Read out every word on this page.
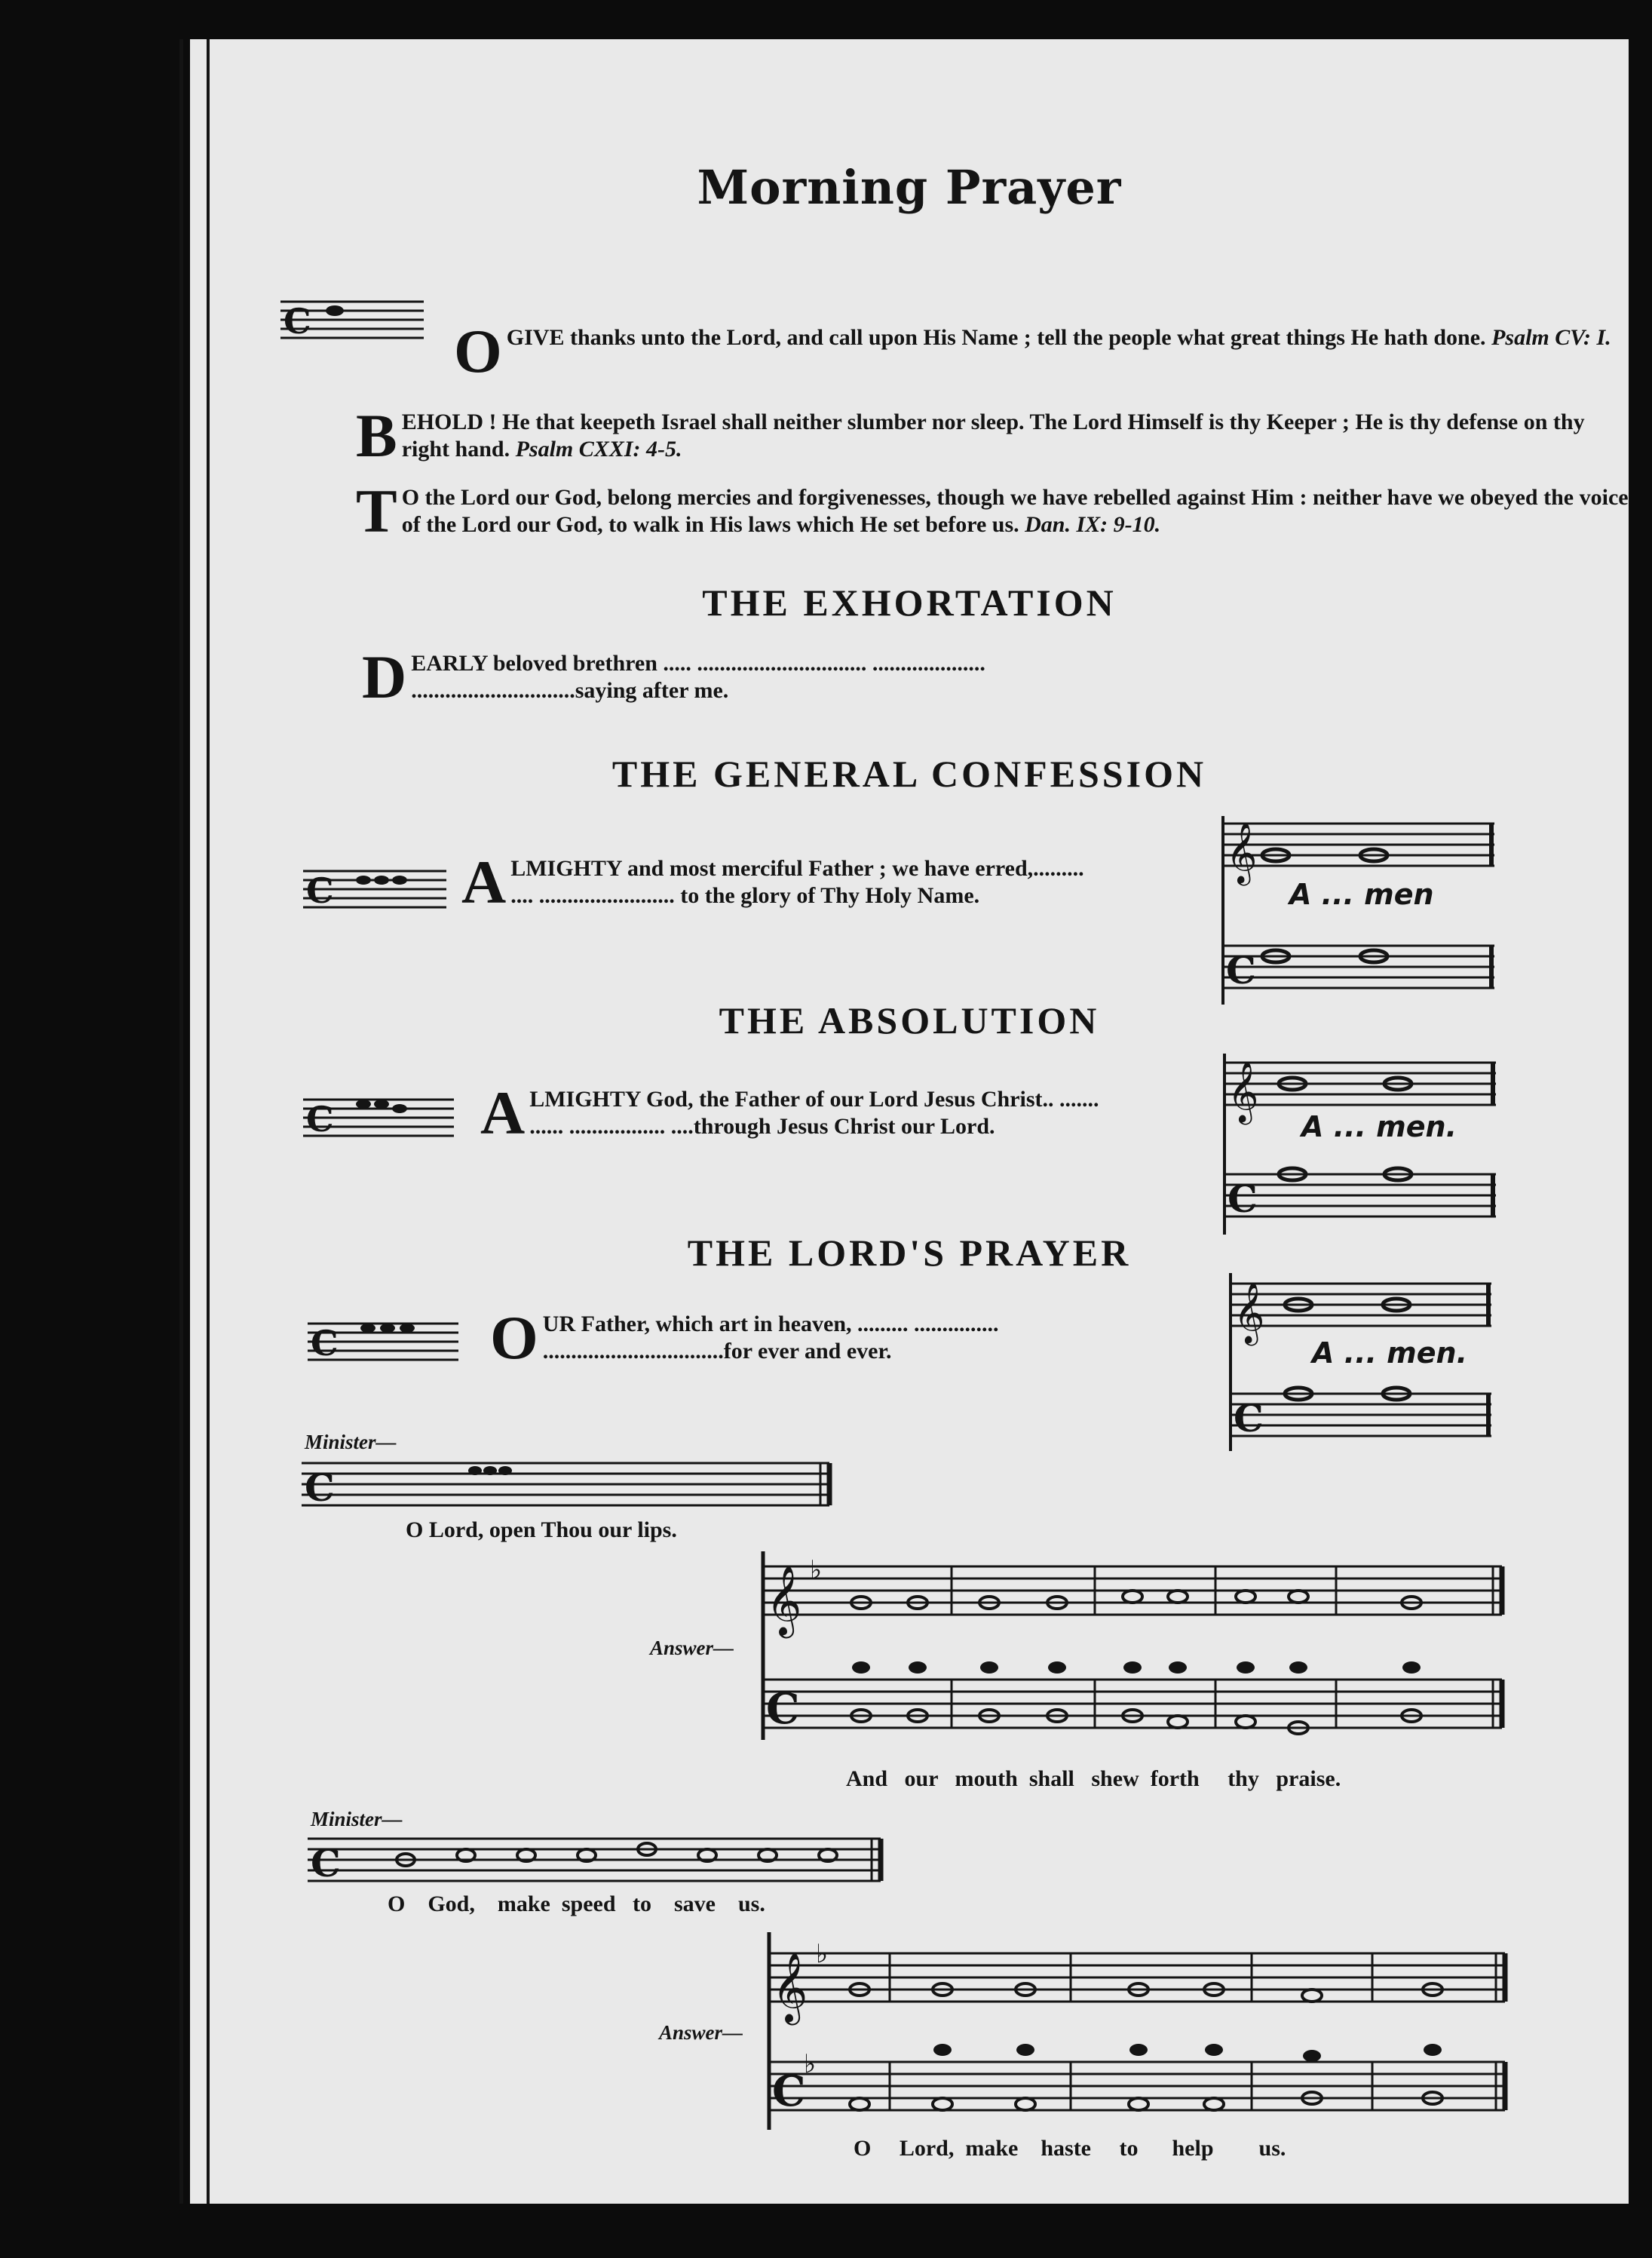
Morning Prayer
C OGIVE thanks unto the Lord, and call upon His Name ; tell the people what great things He hath done. Psalm CV: I.

BEHOLD ! He that keepeth Israel shall neither slumber nor sleep. The Lord Himself is thy Keeper ; He is thy defense on thy right hand. Psalm CXXI: 4-5.

T O the Lord our God, belong mercies and forgivenesses, though we have rebelled against Him : neither have we obeyed the voice of the Lord our God, to walk in His laws which He set before us. Dan. IX: 9-10.

THE EXHORTATION

DEARLY beloved brethren ..... .............................. ....................
.............................saying after me.

THE GENERAL CONFESSION
C ALMIGHTY and most merciful Father ; we have erred,.........
.... ........................ to the glory of Thy Holy Name.

𝄞
C
A ... men
THE ABSOLUTION
C ALMIGHTY God, the Father of our Lord Jesus Christ.. .......
...... ................. ....through Jesus Christ our Lord.

𝄞
C
A ... men.
THE LORD'S PRAYER
C OUR Father, which art in heaven, ......... ...............
................................for ever and ever.

𝄞
C
A ... men.
Minister—
C
O Lord, open Thou our lips.
Answer—
𝄞 ♭
C
And   our   mouth  shall   shew  forth     thy   praise.
Minister—
C
O    God,    make  speed   to    save    us.
Answer—
𝄞 ♭
C
♭
O     Lord,  make    haste     to      help        us.
